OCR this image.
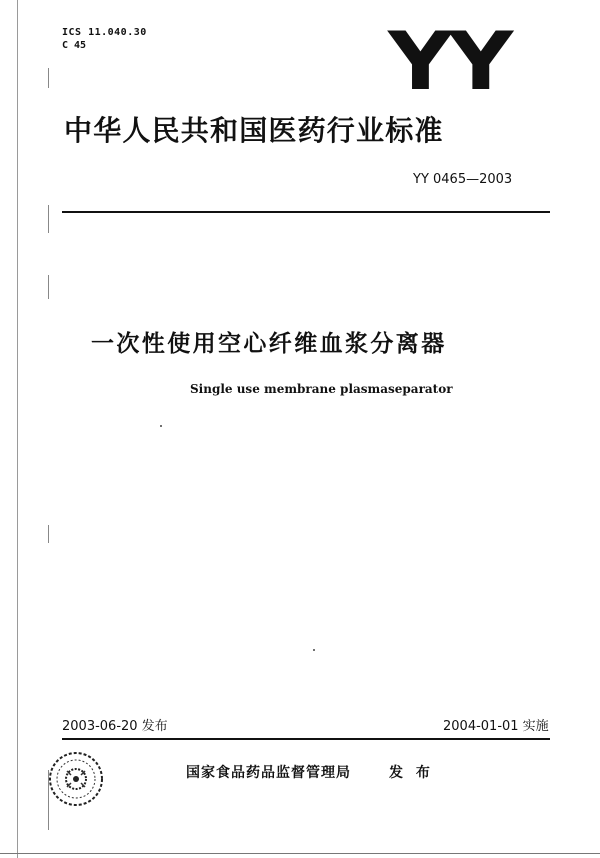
ICS 11.040.30
C 45	YY
中华人民共和国医药行业标准
YY 0465—2003
一次性使用空心纤维血浆分离器
Single use membrane plasmaseparator
2003-06-20 发布	2004-01-01 实施
国家食品药品监督管理局	发 布
